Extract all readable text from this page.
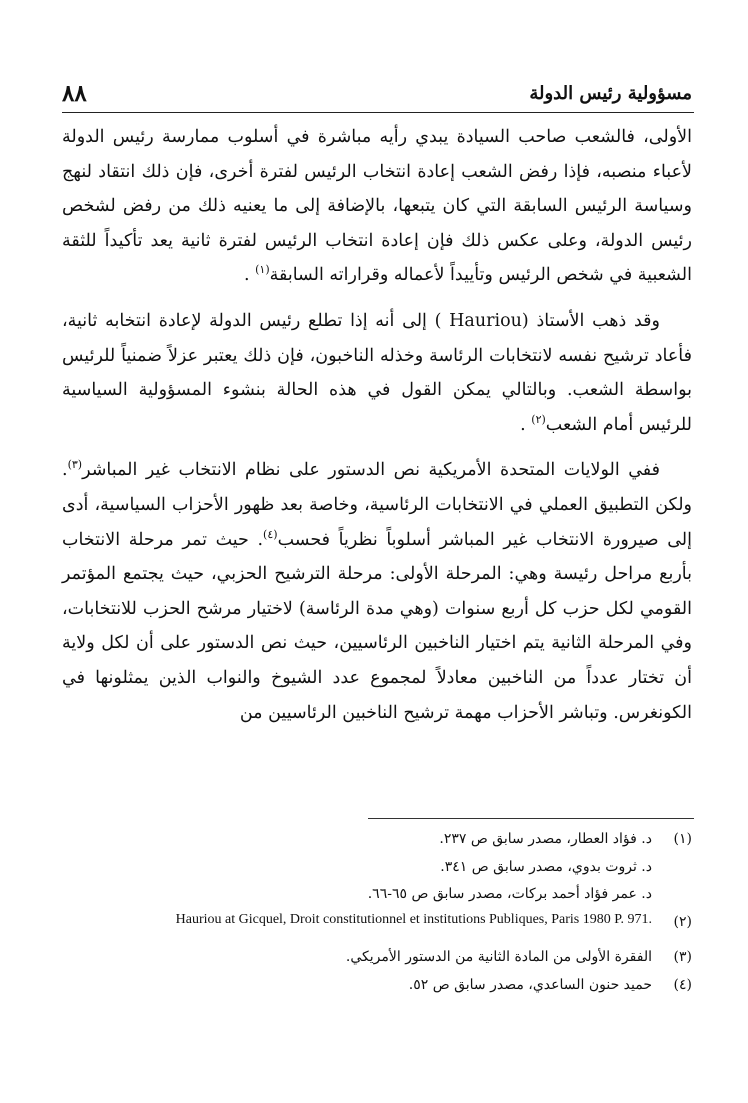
٨٨	مسؤولية رئيس الدولة

الأولى، فالشعب صاحب السيادة يبدي رأيه مباشرة في أسلوب ممارسة رئيس الدولة لأعباء منصبه، فإذا رفض الشعب إعادة انتخاب الرئيس لفترة أخرى، فإن ذلك انتقاد لنهج وسياسة الرئيس السابقة التي كان يتبعها، بالإضافة إلى ما يعنيه ذلك من رفض لشخص رئيس الدولة، وعلى عكس ذلك فإن إعادة انتخاب الرئيس لفترة ثانية يعد تأكيداً للثقة الشعبية في شخص الرئيس وتأييداً لأعماله وقراراته السابقة$^{(١)}$ .

وقد ذهب الأستاذ (Hauriou ) إلى أنه إذا تطلع رئيس الدولة لإعادة انتخابه ثانية، فأعاد ترشيح نفسه لانتخابات الرئاسة وخذله الناخبون، فإن ذلك يعتبر عزلاً ضمنياً للرئيس بواسطة الشعب. وبالتالي يمكن القول في هذه الحالة بنشوء المسؤولية السياسية للرئيس أمام الشعب$^{(٢)}$ .

ففي الولايات المتحدة الأمريكية نص الدستور على نظام الانتخاب غير المباشر$^{(٣)}$. ولكن التطبيق العملي في الانتخابات الرئاسية، وخاصة بعد ظهور الأحزاب السياسية، أدى إلى صيرورة الانتخاب غير المباشر أسلوباً نظرياً فحسب$^{(٤)}$. حيث تمر مرحلة الانتخاب بأربع مراحل رئيسة وهي: المرحلة الأولى: مرحلة الترشيح الحزبي، حيث يجتمع المؤتمر القومي لكل حزب كل أربع سنوات (وهي مدة الرئاسة) لاختيار مرشح الحزب للانتخابات، وفي المرحلة الثانية يتم اختيار الناخبين الرئاسيين، حيث نص الدستور على أن لكل ولاية أن تختار عدداً من الناخبين معادلاً لمجموع عدد الشيوخ والنواب الذين يمثلونها في الكونغرس. وتباشر الأحزاب مهمة ترشيح الناخبين الرئاسيين من

(١)
د. فؤاد العطار، مصدر سابق ص ٢٣٧.
د. ثروت بدوي، مصدر سابق ص ٣٤١.
د. عمر فؤاد أحمد بركات، مصدر سابق ص ٦٥-٦٦.
(٢)
Hauriou at Gicquel, Droit constitutionnel et institutions Publiques, Paris 1980 P. 971.
(٣)
الفقرة الأولى من المادة الثانية من الدستور الأمريكي.
(٤)
حميد حنون الساعدي، مصدر سابق ص ٥٢.
